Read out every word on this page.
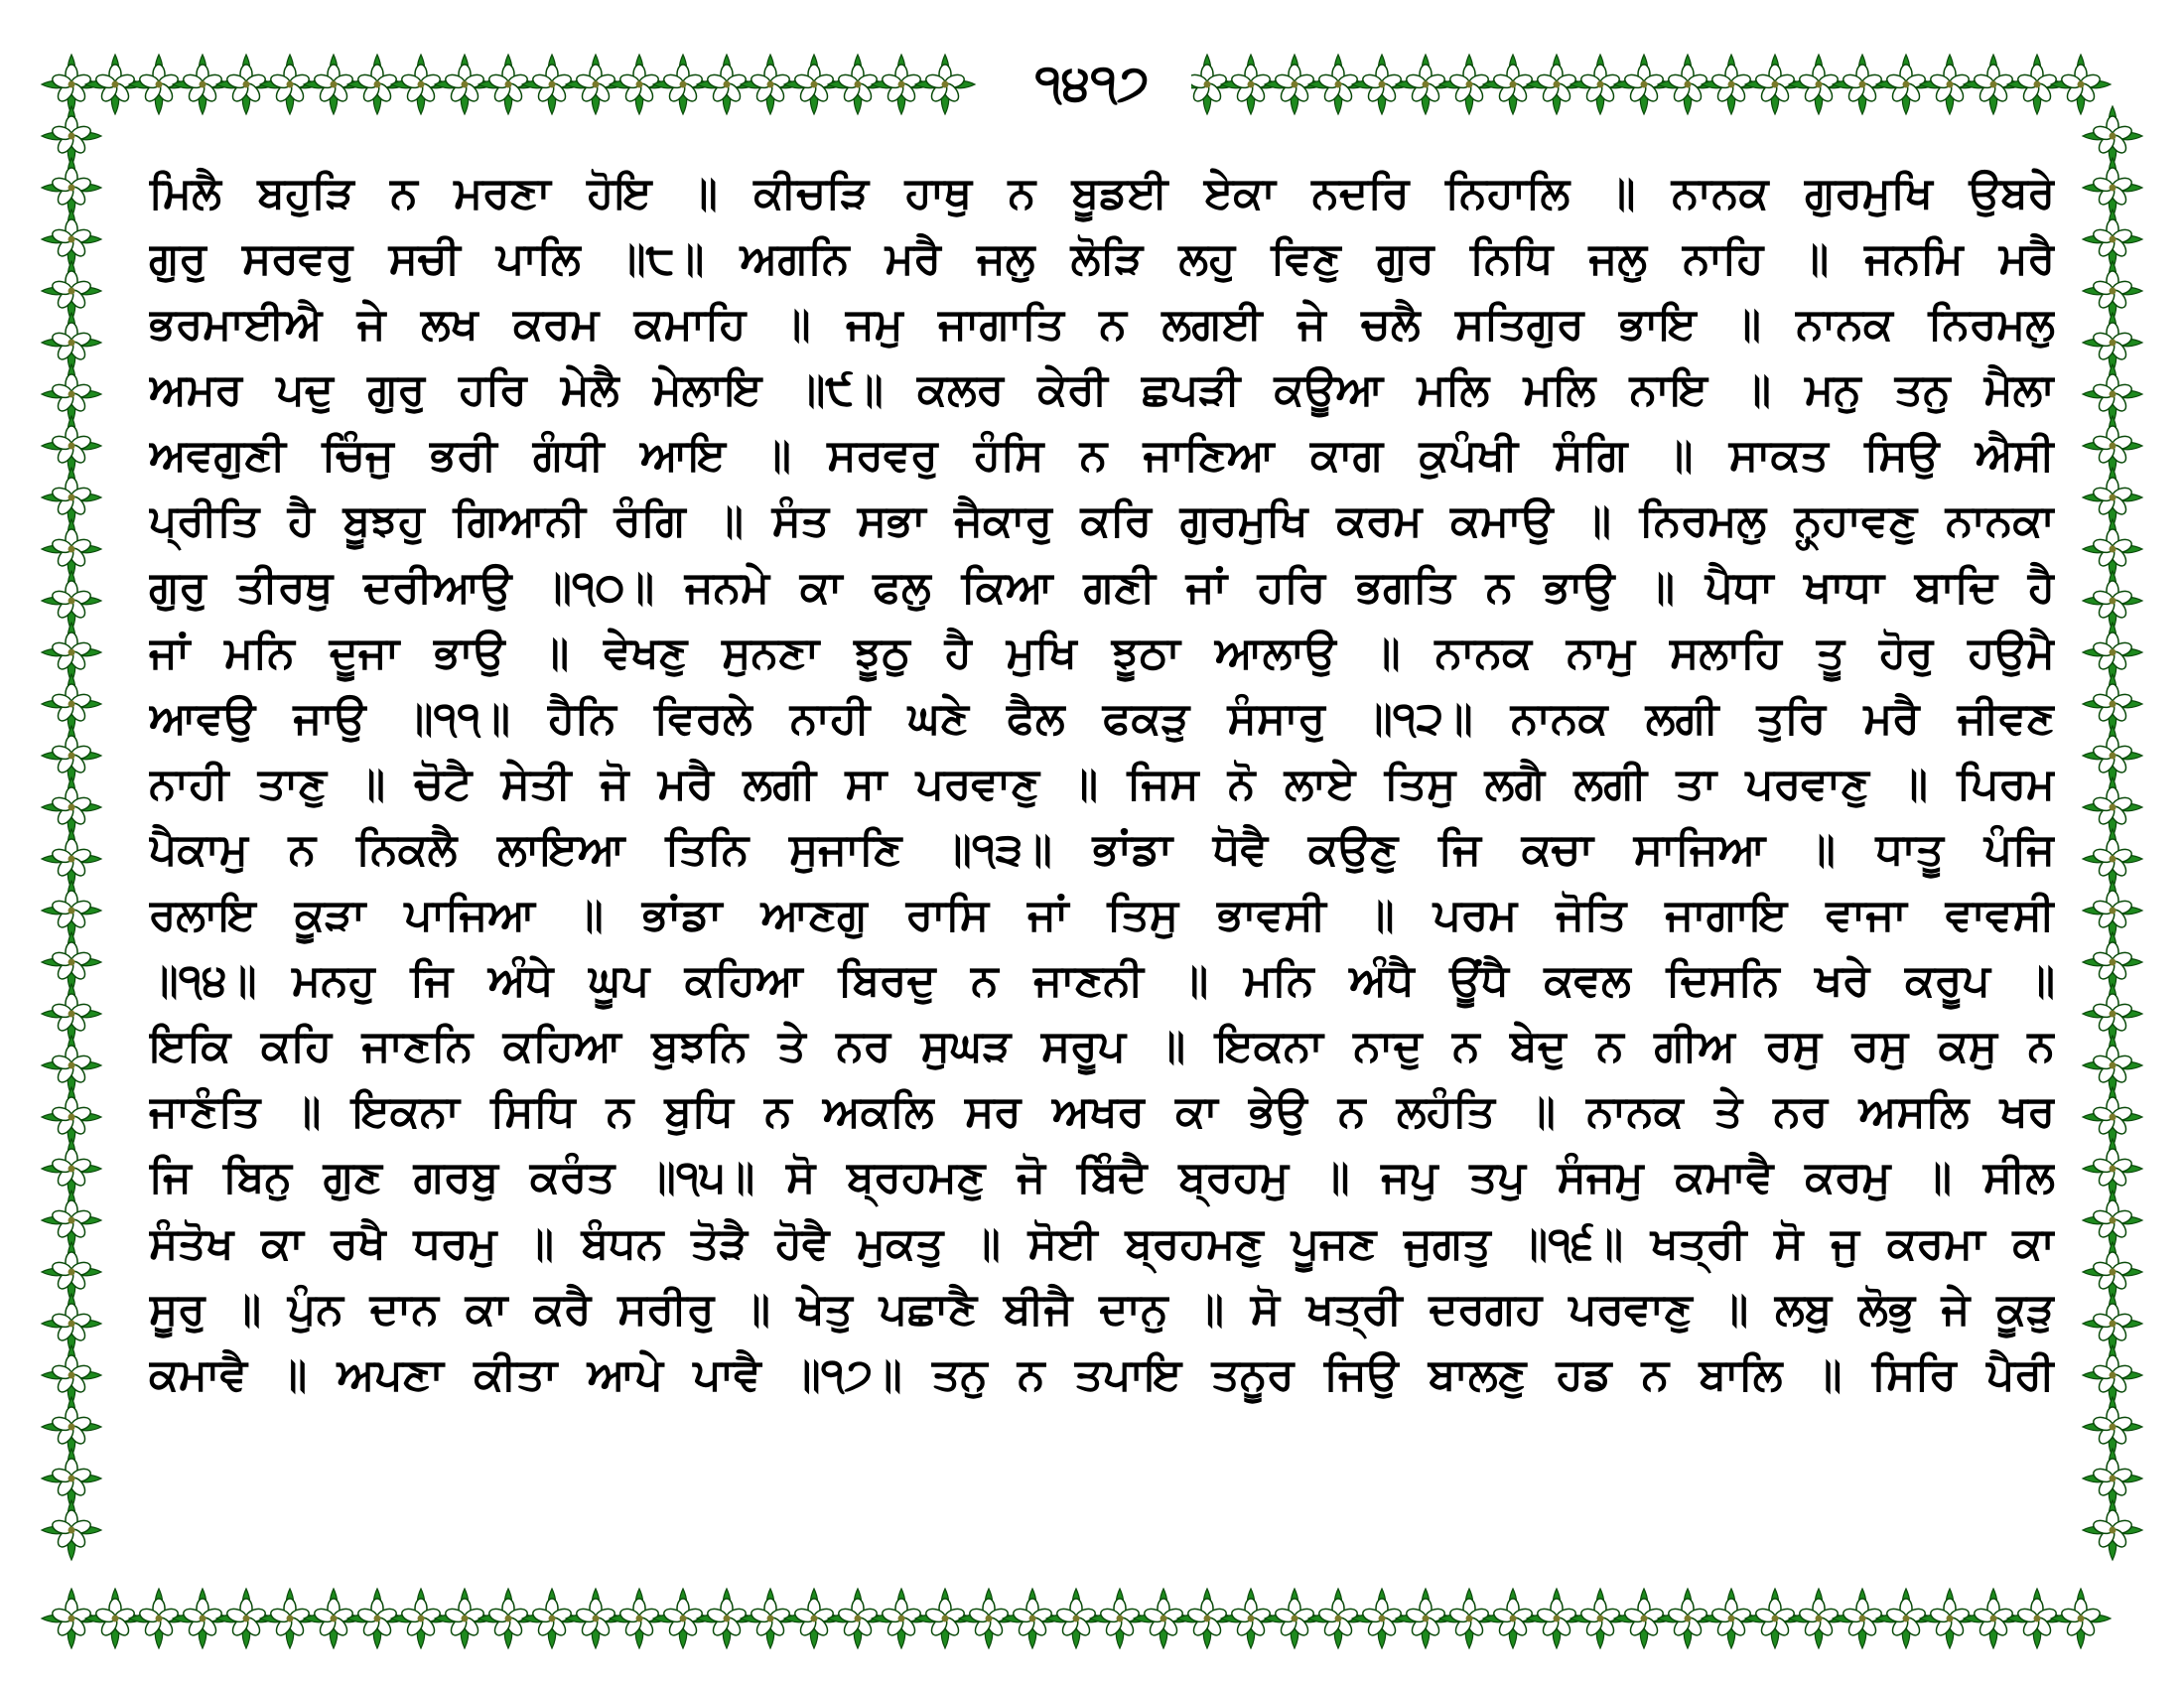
੧੪੧੭
ਮਿਲੈ ਬਹੁੜਿ ਨ ਮਰਣਾ ਹੋਇ ॥ ਕੀਚੜਿ ਹਾਥੁ ਨ ਬੂਡਈ ਏਕਾ ਨਦਰਿ ਨਿਹਾਲਿ ॥ ਨਾਨਕ ਗੁਰਮੁਖਿ ਉਬਰੇ
ਗੁਰੁ ਸਰਵਰੁ ਸਚੀ ਪਾਲਿ ॥੮॥ ਅਗਨਿ ਮਰੈ ਜਲੁ ਲੋੜਿ ਲਹੁ ਵਿਣੁ ਗੁਰ ਨਿਧਿ ਜਲੁ ਨਾਹਿ ॥ ਜਨਮਿ ਮਰੈ
ਭਰਮਾਈਐ ਜੇ ਲਖ ਕਰਮ ਕਮਾਹਿ ॥ ਜਮੁ ਜਾਗਾਤਿ ਨ ਲਗਈ ਜੇ ਚਲੈ ਸਤਿਗੁਰ ਭਾਇ ॥ ਨਾਨਕ ਨਿਰਮਲੁ
ਅਮਰ ਪਦੁ ਗੁਰੁ ਹਰਿ ਮੇਲੈ ਮੇਲਾਇ ॥੯॥ ਕਲਰ ਕੇਰੀ ਛਪੜੀ ਕਊਆ ਮਲਿ ਮਲਿ ਨਾਇ ॥ ਮਨੁ ਤਨੁ ਮੈਲਾ
ਅਵਗੁਣੀ ਚਿੰਜੁ ਭਰੀ ਗੰਧੀ ਆਇ ॥ ਸਰਵਰੁ ਹੰਸਿ ਨ ਜਾਣਿਆ ਕਾਗ ਕੁਪੰਖੀ ਸੰਗਿ ॥ ਸਾਕਤ ਸਿਉ ਐਸੀ
ਪ੍ਰੀਤਿ ਹੈ ਬੂਝਹੁ ਗਿਆਨੀ ਰੰਗਿ ॥ ਸੰਤ ਸਭਾ ਜੈਕਾਰੁ ਕਰਿ ਗੁਰਮੁਖਿ ਕਰਮ ਕਮਾਉ ॥ ਨਿਰਮਲੁ ਨ੍ਹ੍ਹਾਵਣੁ ਨਾਨਕਾ
ਗੁਰੁ ਤੀਰਥੁ ਦਰੀਆਉ ॥੧੦॥ ਜਨਮੇ ਕਾ ਫਲੁ ਕਿਆ ਗਣੀ ਜਾਂ ਹਰਿ ਭਗਤਿ ਨ ਭਾਉ ॥ ਪੈਧਾ ਖਾਧਾ ਬਾਦਿ ਹੈ
ਜਾਂ ਮਨਿ ਦੂਜਾ ਭਾਉ ॥ ਵੇਖਣੁ ਸੁਨਣਾ ਝੂਠੁ ਹੈ ਮੁਖਿ ਝੂਠਾ ਆਲਾਉ ॥ ਨਾਨਕ ਨਾਮੁ ਸਲਾਹਿ ਤੂ ਹੋਰੁ ਹਉਮੈ
ਆਵਉ ਜਾਉ ॥੧੧॥ ਹੈਨਿ ਵਿਰਲੇ ਨਾਹੀ ਘਣੇ ਫੈਲ ਫਕੜੁ ਸੰਸਾਰੁ ॥੧੨॥ ਨਾਨਕ ਲਗੀ ਤੁਰਿ ਮਰੈ ਜੀਵਣ
ਨਾਹੀ ਤਾਣੁ ॥ ਚੋਟੈ ਸੇਤੀ ਜੋ ਮਰੈ ਲਗੀ ਸਾ ਪਰਵਾਣੁ ॥ ਜਿਸ ਨੋ ਲਾਏ ਤਿਸੁ ਲਗੈ ਲਗੀ ਤਾ ਪਰਵਾਣੁ ॥ ਪਿਰਮ
ਪੈਕਾਮੁ ਨ ਨਿਕਲੈ ਲਾਇਆ ਤਿਨਿ ਸੁਜਾਣਿ ॥੧੩॥ ਭਾਂਡਾ ਧੋਵੈ ਕਉਣੁ ਜਿ ਕਚਾ ਸਾਜਿਆ ॥ ਧਾਤੂ ਪੰਜਿ
ਰਲਾਇ ਕੂੜਾ ਪਾਜਿਆ ॥ ਭਾਂਡਾ ਆਣਗੁ ਰਾਸਿ ਜਾਂ ਤਿਸੁ ਭਾਵਸੀ ॥ ਪਰਮ ਜੋਤਿ ਜਾਗਾਇ ਵਾਜਾ ਵਾਵਸੀ
॥੧੪॥ ਮਨਹੁ ਜਿ ਅੰਧੇ ਘੂਪ ਕਹਿਆ ਬਿਰਦੁ ਨ ਜਾਣਨੀ ॥ ਮਨਿ ਅੰਧੈ ਊਂਧੈ ਕਵਲ ਦਿਸਨਿ ਖਰੇ ਕਰੂਪ ॥
ਇਕਿ ਕਹਿ ਜਾਣਨਿ ਕਹਿਆ ਬੁਝਨਿ ਤੇ ਨਰ ਸੁਘੜ ਸਰੂਪ ॥ ਇਕਨਾ ਨਾਦੁ ਨ ਬੇਦੁ ਨ ਗੀਅ ਰਸੁ ਰਸੁ ਕਸੁ ਨ
ਜਾਣੰਤਿ ॥ ਇਕਨਾ ਸਿਧਿ ਨ ਬੁਧਿ ਨ ਅਕਲਿ ਸਰ ਅਖਰ ਕਾ ਭੇਉ ਨ ਲਹੰਤਿ ॥ ਨਾਨਕ ਤੇ ਨਰ ਅਸਲਿ ਖਰ
ਜਿ ਬਿਨੁ ਗੁਣ ਗਰਬੁ ਕਰੰਤ ॥੧੫॥ ਸੋ ਬ੍ਰਹਮਣੁ ਜੋ ਬਿੰਦੈ ਬ੍ਰਹਮੁ ॥ ਜਪੁ ਤਪੁ ਸੰਜਮੁ ਕਮਾਵੈ ਕਰਮੁ ॥ ਸੀਲ
ਸੰਤੋਖ ਕਾ ਰਖੈ ਧਰਮੁ ॥ ਬੰਧਨ ਤੋੜੈ ਹੋਵੈ ਮੁਕਤੁ ॥ ਸੋਈ ਬ੍ਰਹਮਣੁ ਪੂਜਣ ਜੁਗਤੁ ॥੧੬॥ ਖਤ੍ਰੀ ਸੋ ਜੁ ਕਰਮਾ ਕਾ
ਸੂਰੁ ॥ ਪੁੰਨ ਦਾਨ ਕਾ ਕਰੈ ਸਰੀਰੁ ॥ ਖੇਤੁ ਪਛਾਣੈ ਬੀਜੈ ਦਾਨੁ ॥ ਸੋ ਖਤ੍ਰੀ ਦਰਗਹ ਪਰਵਾਣੁ ॥ ਲਬੁ ਲੋਭੁ ਜੇ ਕੂੜੁ
ਕਮਾਵੈ ॥ ਅਪਣਾ ਕੀਤਾ ਆਪੇ ਪਾਵੈ ॥੧੭॥ ਤਨੁ ਨ ਤਪਾਇ ਤਨੂਰ ਜਿਉ ਬਾਲਣੁ ਹਡ ਨ ਬਾਲਿ ॥ ਸਿਰਿ ਪੈਰੀ
